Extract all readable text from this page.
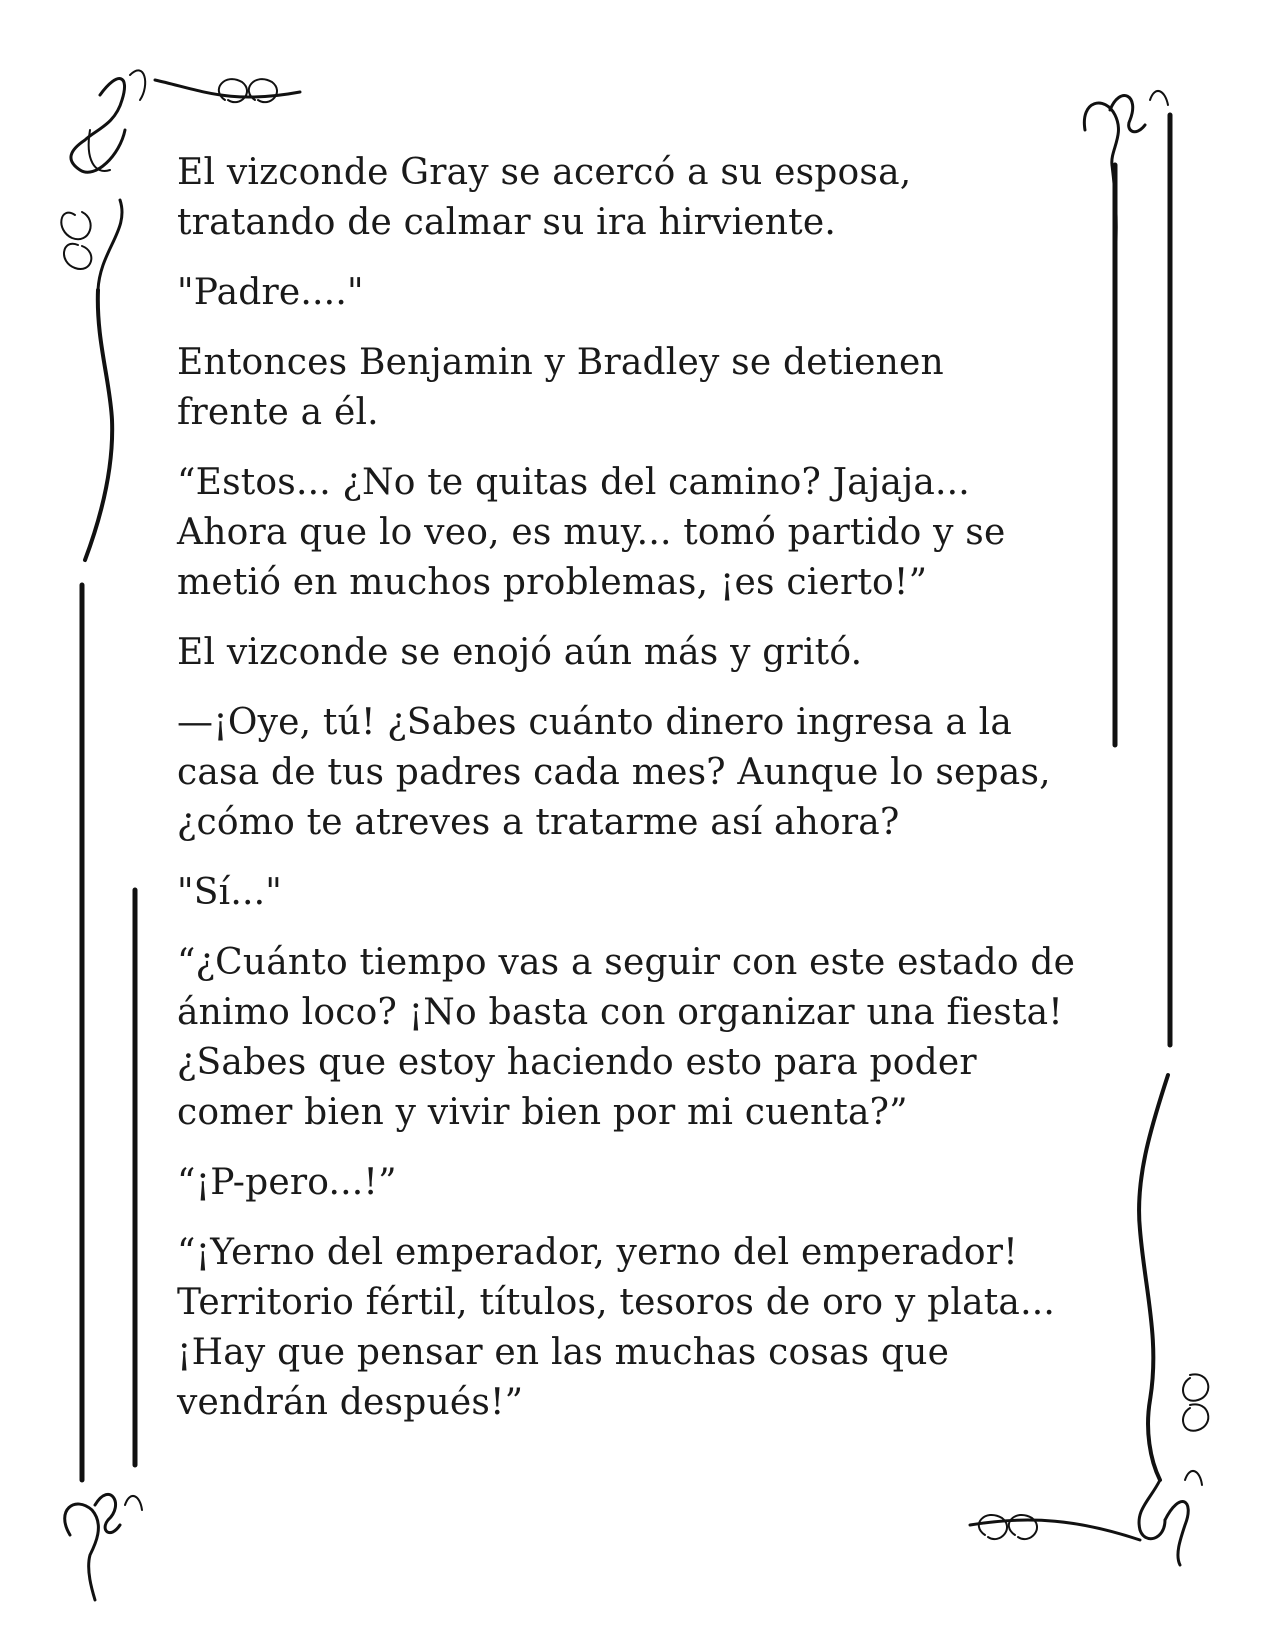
El vizconde Gray se acercó a su esposa,
tratando de calmar su ira hirviente.

"Padre...."

Entonces Benjamin y Bradley se detienen
frente a él.

“Estos... ¿No te quitas del camino? Jajaja...
Ahora que lo veo, es muy... tomó partido y se
metió en muchos problemas, ¡es cierto!”

El vizconde se enojó aún más y gritó.

—¡Oye, tú! ¿Sabes cuánto dinero ingresa a la
casa de tus padres cada mes? Aunque lo sepas,
¿cómo te atreves a tratarme así ahora?

"Sí..."

“¿Cuánto tiempo vas a seguir con este estado de
ánimo loco? ¡No basta con organizar una fiesta!
¿Sabes que estoy haciendo esto para poder
comer bien y vivir bien por mi cuenta?”

“¡P-pero...!”

“¡Yerno del emperador, yerno del emperador!
Territorio fértil, títulos, tesoros de oro y plata...
¡Hay que pensar en las muchas cosas que
vendrán después!”
